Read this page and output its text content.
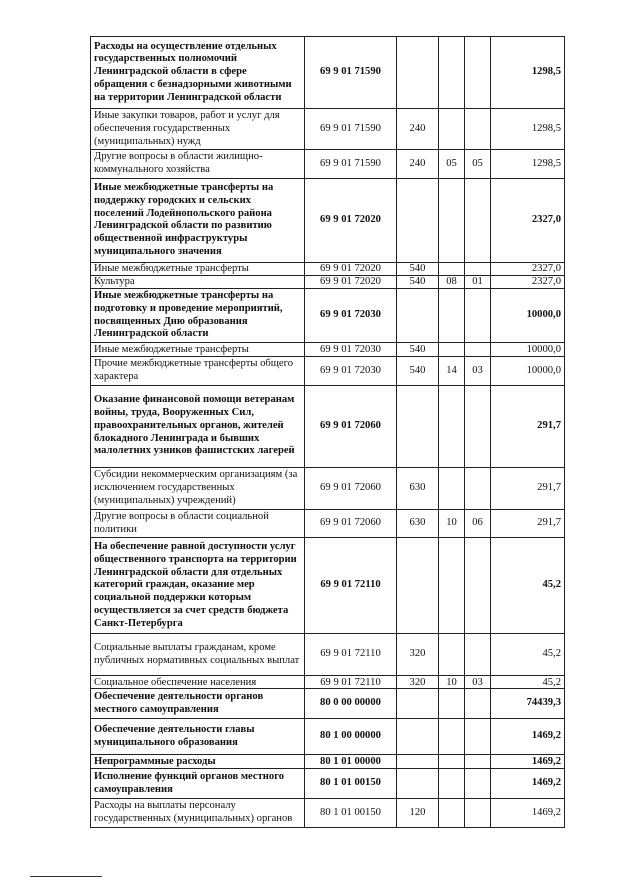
Расходы на осуществление отдельных государственных полномочий Ленинградской области в сфере обращения с безнадзорными животными на территории Ленинградской области	69 9 01 71590				1298,5
Иные закупки товаров, работ и услуг для обеспечения государственных (муниципальных) нужд	69 9 01 71590	240			1298,5
Другие вопросы в области жилищно-коммунального хозяйства	69 9 01 71590	240	05	05	1298,5
Иные межбюджетные трансферты на поддержку городских и сельских поселений Лодейнопольского района Ленинградской области по развитию общественной инфраструктуры муниципального значения	69 9 01 72020				2327,0
Иные межбюджетные трансферты	69 9 01 72020	540			2327,0
Культура	69 9 01 72020	540	08	01	2327,0
Иные межбюджетные трансферты на подготовку и проведение мероприятий, посвященных Дню образования Ленинградской области	69 9 01 72030				10000,0
Иные межбюджетные трансферты	69 9 01 72030	540			10000,0
Прочие межбюджетные трансферты общего характера	69 9 01 72030	540	14	03	10000,0
Оказание финансовой помощи ветеранам войны, труда, Вооруженных Сил, правоохранительных органов, жителей блокадного Ленинграда и бывших малолетних узников фашистских лагерей	69 9 01 72060				291,7
Субсидии некоммерческим организациям (за исключением государственных (муниципальных) учреждений)	69 9 01 72060	630			291,7
Другие вопросы в области социальной политики	69 9 01 72060	630	10	06	291,7
На обеспечение равной доступности услуг общественного транспорта на территории Ленинградской области для отдельных категорий граждан, оказание мер социальной поддержки которым осуществляется за счет средств бюджета Санкт-Петербурга	69 9 01 72110				45,2
Социальные выплаты гражданам, кроме публичных нормативных социальных выплат	69 9 01 72110	320			45,2
Социальное обеспечение населения	69 9 01 72110	320	10	03	45,2
Обеспечение деятельности органов местного самоуправления	80 0 00 00000				74439,3
Обеспечение деятельности главы муниципального образования	80 1 00 00000				1469,2
Непрограммные расходы	80 1 01 00000				1469,2
Исполнение функций органов местного самоуправления	80 1 01 00150				1469,2
Расходы на выплаты персоналу государственных (муниципальных) органов	80 1 01 00150	120			1469,2
